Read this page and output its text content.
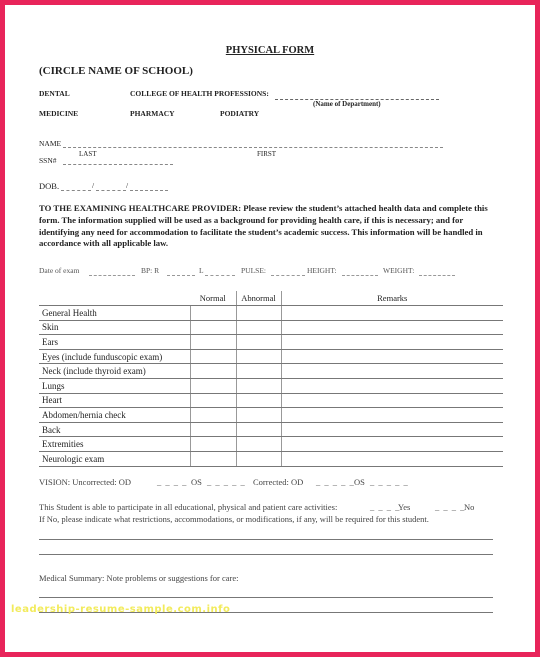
PHYSICAL FORM
(CIRCLE NAME OF SCHOOL)
DENTAL	COLLEGE OF HEALTH PROFESSIONS:
(Name of Department)
MEDICINE	PHARMACY	PODIATRY
NAME
LAST	FIRST
SSN#
DOB.	/	/
TO THE EXAMINING HEALTHCARE PROVIDER: Please review the student’s attached health data and complete this form. The information supplied will be used as a background for providing health care, if this is necessary; and for identifying any need for accommodation to facilitate the student’s academic success. This information will be handled in accordance with all applicable law.
Date of exam	BP: R	L	PULSE:	HEIGHT:	WEIGHT:
	Normal	Abnormal	Remarks
General Health			
Skin			
Ears			
Eyes (include funduscopic exam)			
Neck (include thyroid exam)			
Lungs			
Heart			
Abdomen/hernia check			
Back			
Extremities			
Neurologic exam			
VISION: Uncorrected: OD	_ _ _ _ OS _ _ _ _ _ Corrected: OD _ _ _ _ _ OS _ _ _ _ _
This Student is able to participate in all educational, physical and patient care activities:	_ _ _ _
Yes	_ _ _ _
No
If No, please indicate what restrictions, accommodations, or modifications, if any, will be required for this student.
Medical Summary: Note problems or suggestions for care:
leadership-resume-sample.com.info
